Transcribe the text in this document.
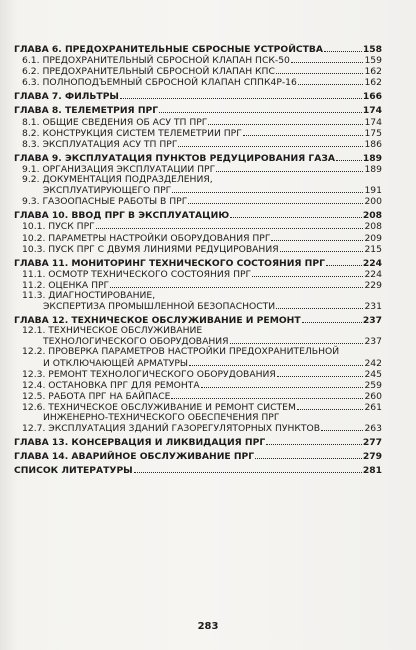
ГЛАВА 6. ПРЕДОХРАНИТЕЛЬНЫЕ СБРОСНЫЕ УСТРОЙСТВА	158
6.1. ПРЕДОХРАНИТЕЛЬНЫЙ СБРОСНОЙ КЛАПАН ПСК-50	159
6.2. ПРЕДОХРАНИТЕЛЬНЫЙ СБРОСНОЙ КЛАПАН КПС	162
6.3. ПОЛНОПОДЪЕМНЫЙ СБРОСНОЙ КЛАПАН СППК4Р-16	162
ГЛАВА 7. ФИЛЬТРЫ	166
ГЛАВА 8. ТЕЛЕМЕТРИЯ ПРГ	174
8.1. ОБЩИЕ СВЕДЕНИЯ ОБ АСУ ТП ПРГ	174
8.2. КОНСТРУКЦИЯ СИСТЕМ ТЕЛЕМЕТРИИ ПРГ	175
8.3. ЭКСПЛУАТАЦИЯ АСУ ТП ПРГ	186
ГЛАВА 9. ЭКСПЛУАТАЦИЯ ПУНКТОВ РЕДУЦИРОВАНИЯ ГАЗА	189
9.1. ОРГАНИЗАЦИЯ ЭКСПЛУАТАЦИИ ПРГ	189
9.2. ДОКУМЕНТАЦИЯ ПОДРАЗДЕЛЕНИЯ,
ЭКСПЛУАТИРУЮЩЕГО ПРГ	191
9.3. ГАЗООПАСНЫЕ РАБОТЫ В ПРГ	200
ГЛАВА 10. ВВОД ПРГ В ЭКСПЛУАТАЦИЮ	208
10.1. ПУСК ПРГ	208
10.2. ПАРАМЕТРЫ НАСТРОЙКИ ОБОРУДОВАНИЯ ПРГ	209
10.3. ПУСК ПРГ С ДВУМЯ ЛИНИЯМИ РЕДУЦИРОВАНИЯ	215
ГЛАВА 11. МОНИТОРИНГ ТЕХНИЧЕСКОГО СОСТОЯНИЯ ПРГ	224
11.1. ОСМОТР ТЕХНИЧЕСКОГО СОСТОЯНИЯ ПРГ	224
11.2. ОЦЕНКА ПРГ	229
11.3. ДИАГНОСТИРОВАНИЕ,
ЭКСПЕРТИЗА ПРОМЫШЛЕННОЙ БЕЗОПАСНОСТИ	231
ГЛАВА 12. ТЕХНИЧЕСКОЕ ОБСЛУЖИВАНИЕ И РЕМОНТ	237
12.1. ТЕХНИЧЕСКОЕ ОБСЛУЖИВАНИЕ
ТЕХНОЛОГИЧЕСКОГО ОБОРУДОВАНИЯ	237
12.2. ПРОВЕРКА ПАРАМЕТРОВ НАСТРОЙКИ ПРЕДОХРАНИТЕЛЬНОЙ
И ОТКЛЮЧАЮЩЕЙ АРМАТУРЫ	242
12.3. РЕМОНТ ТЕХНОЛОГИЧЕСКОГО ОБОРУДОВАНИЯ	245
12.4. ОСТАНОВКА ПРГ ДЛЯ РЕМОНТА	259
12.5. РАБОТА ПРГ НА БАЙПАСЕ	260
12.6. ТЕХНИЧЕСКОЕ ОБСЛУЖИВАНИЕ И РЕМОНТ СИСТЕМ	261
ИНЖЕНЕРНО-ТЕХНИЧЕСКОГО ОБЕСПЕЧЕНИЯ ПРГ
12.7. ЭКСПЛУАТАЦИЯ ЗДАНИЙ ГАЗОРЕГУЛЯТОРНЫХ ПУНКТОВ	263
ГЛАВА 13. КОНСЕРВАЦИЯ И ЛИКВИДАЦИЯ ПРГ	277
ГЛАВА 14. АВАРИЙНОЕ ОБСЛУЖИВАНИЕ ПРГ	279
СПИСОК ЛИТЕРАТУРЫ	281
283
